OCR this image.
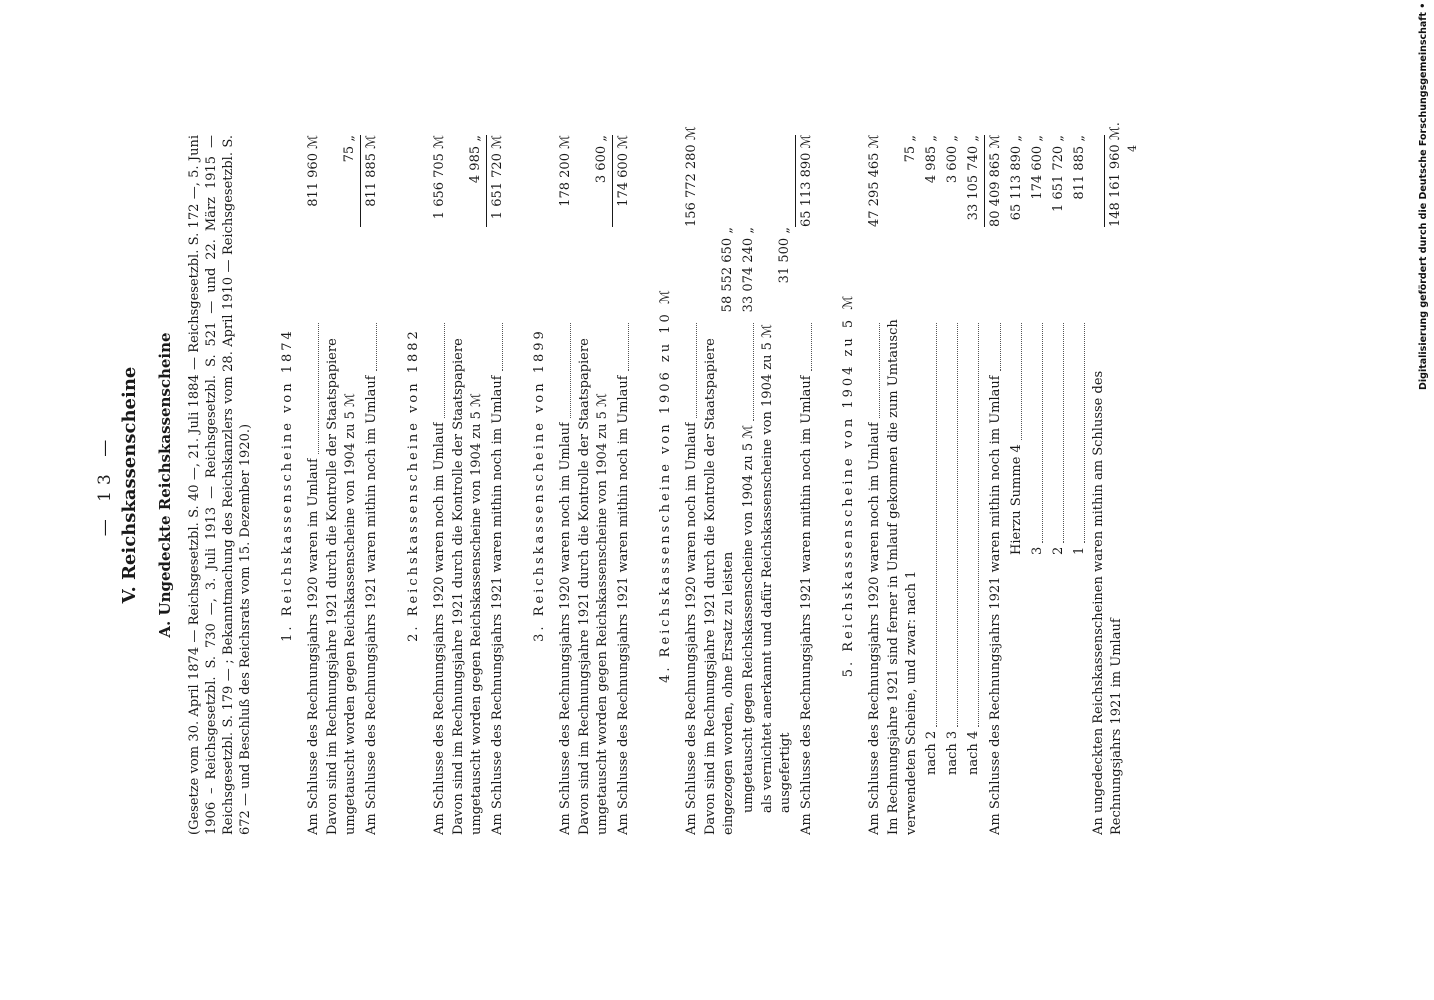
— 13 — V. Reichskassenscheine A. Ungedeckte Reichskassenscheine (Gesetze vom 30. April 1874 — Reichsgesetzbl. S. 40 —, 21. Juli 1884 — Reichsgesetzbl. S. 172 —, 5. Juni 1906 – Reichsgesetzbl. S. 730 —, 3. Juli 1913 — Reichsgesetzbl. S. 521 — und 22. März 1915 — Reichsgesetzbl. S. 179 — ; Bekanntmachung des Reichskanzlers vom 28. April 1910 — Reichsgesetzbl. S. 672 — und Beschluß des Reichsrats vom 15. Dezember 1920.) 1. Reichskassenscheine von 1874 Am Schlusse des Rechnungsjahrs 1920 waren im Umlauf
811 960 ℳ
Davon sind im Rechnungsjahre 1921 durch die Kontrolle der Staatspapiere umgetauscht worden gegen Reichskassenscheine von 1904 zu 5 ℳ
75 „
Am Schlusse des Rechnungsjahrs 1921 waren mithin noch im Umlauf
811 885 ℳ
2. Reichskassenscheine von 1882 Am Schlusse des Rechnungsjahrs 1920 waren noch im Umlauf
1 656 705 ℳ
Davon sind im Rechnungsjahre 1921 durch die Kontrolle der Staatspapiere umgetauscht worden gegen Reichskassenscheine von 1904 zu 5 ℳ
4 985 „
Am Schlusse des Rechnungsjahrs 1921 waren mithin noch im Umlauf
1 651 720 ℳ
3. Reichskassenscheine von 1899 Am Schlusse des Rechnungsjahrs 1920 waren noch im Umlauf
178 200 ℳ
Davon sind im Rechnungsjahre 1921 durch die Kontrolle der Staatspapiere umgetauscht worden gegen Reichskassenscheine von 1904 zu 5 ℳ
3 600 „
Am Schlusse des Rechnungsjahrs 1921 waren mithin noch im Umlauf
174 600 ℳ
4. Reichskassenscheine von 1906 zu 10 ℳ Am Schlusse des Rechnungsjahrs 1920 waren noch im Umlauf
156 772 280 ℳ
Davon sind im Rechnungsjahre 1921 durch die Kontrolle der Staatspapiere eingezogen worden, ohne Ersatz zu leisten
58 552 650 „
umgetauscht gegen Reichskassenscheine von 1904 zu 5 ℳ
33 074 240 „
als vernichtet anerkannt und dafür Reichskassenscheine von 1904 zu 5 ℳ ausgefertigt
31 500 „
Am Schlusse des Rechnungsjahrs 1921 waren mithin noch im Umlauf
65 113 890 ℳ
5. Reichskassenscheine von 1904 zu 5 ℳ Am Schlusse des Rechnungsjahrs 1920 waren noch im Umlauf
47 295 465 ℳ
Im Rechnungsjahre 1921 sind ferner in Umlauf gekommen die zum Umtausch verwendeten Scheine, und zwar: nach 1
75 „
nach 2
4 985 „
nach 3
3 600 „
nach 4
33 105 740 „
Am Schlusse des Rechnungsjahrs 1921 waren mithin noch im Umlauf
80 409 865 ℳ
Hierzu Summe 4
65 113 890 „
3
174 600 „
2
1 651 720 „
1
811 885 „
An ungedeckten Reichskassenscheinen waren mithin am Schlusse des Rechnungsjahrs 1921 im Umlauf
148 161 960 ℳ. 4	Digitalisierung gefördert durch die Deutsche Forschungsgemeinschaft •
